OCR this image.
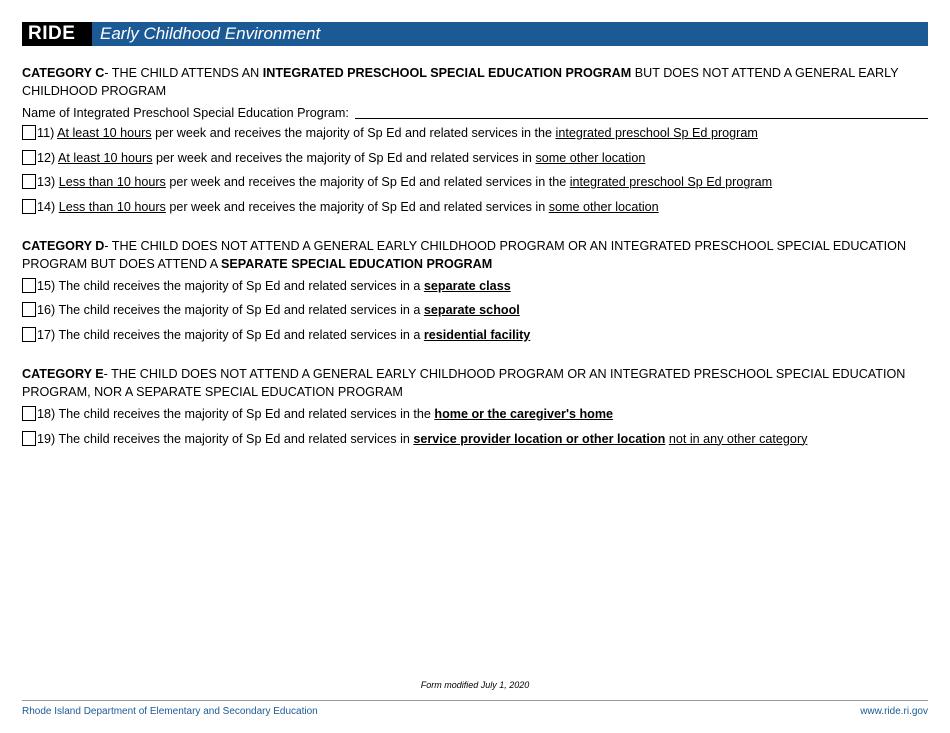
RIDE	Early Childhood Environment

CATEGORY C- THE CHILD ATTENDS AN INTEGRATED PRESCHOOL SPECIAL EDUCATION PROGRAM BUT DOES NOT ATTEND A GENERAL EARLY CHILDHOOD PROGRAM

Name of Integrated Preschool Special Education Program:
11) At least 10 hours per week and receives the majority of Sp Ed and related services in the integrated preschool Sp Ed program
12) At least 10 hours per week and receives the majority of Sp Ed and related services in some other location
13) Less than 10 hours per week and receives the majority of Sp Ed and related services in the integrated preschool Sp Ed program
14) Less than 10 hours per week and receives the majority of Sp Ed and related services in some other location

CATEGORY D- THE CHILD DOES NOT ATTEND A GENERAL EARLY CHILDHOOD PROGRAM OR AN INTEGRATED PRESCHOOL SPECIAL EDUCATION PROGRAM BUT DOES ATTEND A SEPARATE SPECIAL EDUCATION PROGRAM

15) The child receives the majority of Sp Ed and related services in a separate class
16) The child receives the majority of Sp Ed and related services in a separate school
17) The child receives the majority of Sp Ed and related services in a residential facility

CATEGORY E- THE CHILD DOES NOT ATTEND A GENERAL EARLY CHILDHOOD PROGRAM OR AN INTEGRATED PRESCHOOL SPECIAL EDUCATION PROGRAM, NOR A SEPARATE SPECIAL EDUCATION PROGRAM

18) The child receives the majority of Sp Ed and related services in the home or the caregiver's home
19) The child receives the majority of Sp Ed and related services in service provider location or other location not in any other category
Form modified July 1, 2020
Rhode Island Department of Elementary and Secondary Education	www.ride.ri.gov
